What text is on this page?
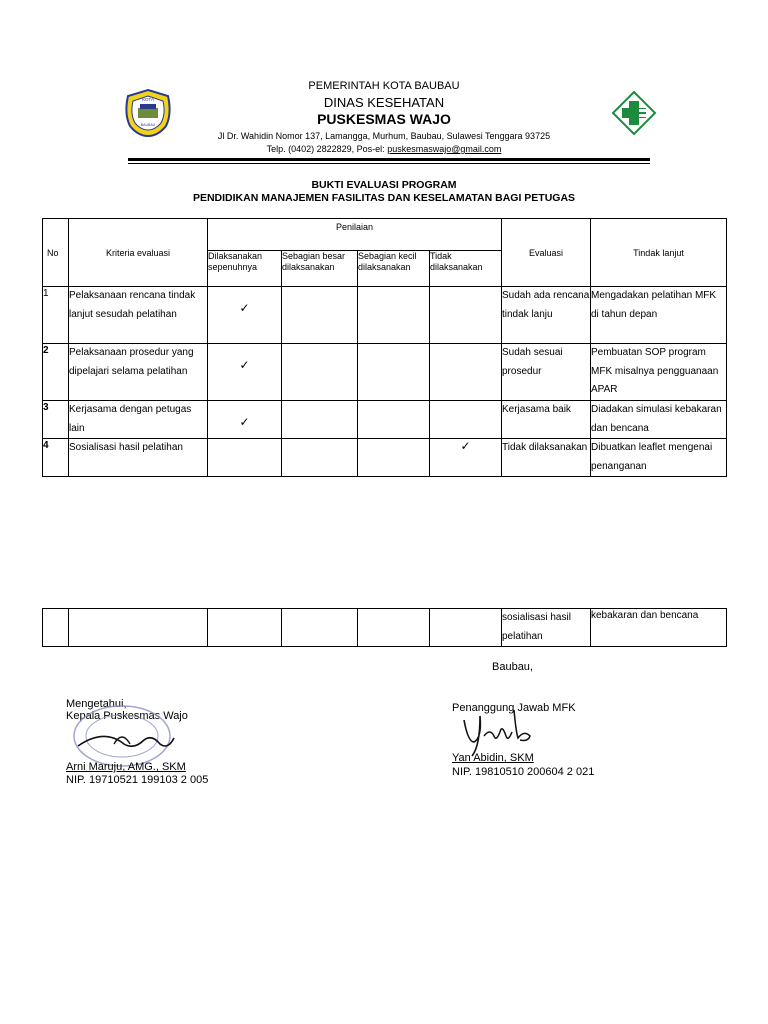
KOTA
BAUBAU
PEMERINTAH KOTA BAUBAU
DINAS KESEHATAN
PUSKESMAS WAJO
Jl Dr. Wahidin Nomor 137, Lamangga, Murhum, Baubau, Sulawesi Tenggara 93725
Telp. (0402) 2822829, Pos-el: puskesmaswajo@gmail.com
BUKTI EVALUASI PROGRAM
PENDIDIKAN MANAJEMEN FASILITAS DAN KESELAMATAN BAGI PETUGAS
No	Kriteria evaluasi	Penilaian				Evaluasi	Tindak lanjut
		Dilaksanakan sepenuhnya	Sebagian besar dilaksanakan	Sebagian kecil dilaksanakan	Tidak dilaksanakan		
1	Pelaksanaan rencana tindak lanjut sesudah pelatihan	✓				Sudah ada rencana tindak lanju	Mengadakan pelatihan MFK di tahun depan
2	Pelaksanaan prosedur yang dipelajari selama pelatihan	✓				Sudah sesuai prosedur	Pembuatan SOP program MFK misalnya pengguanaan APAR
3	Kerjasama dengan petugas lain	✓				Kerjasama baik	Diadakan simulasi kebakaran dan bencana
4	Sosialisasi hasil pelatihan				✓	Tidak dilaksanakan	Dibuatkan leaflet mengenai penanganan
						sosialisasi hasil pelatihan	kebakaran dan bencana
Baubau,
Mengetahui,
Kepala Puskesmas Wajo
Arni Maruju, AMG., SKM
NIP. 19710521 199103 2 005
Penanggung Jawab MFK
Yan Abidin, SKM
NIP. 19810510 200604 2 021
